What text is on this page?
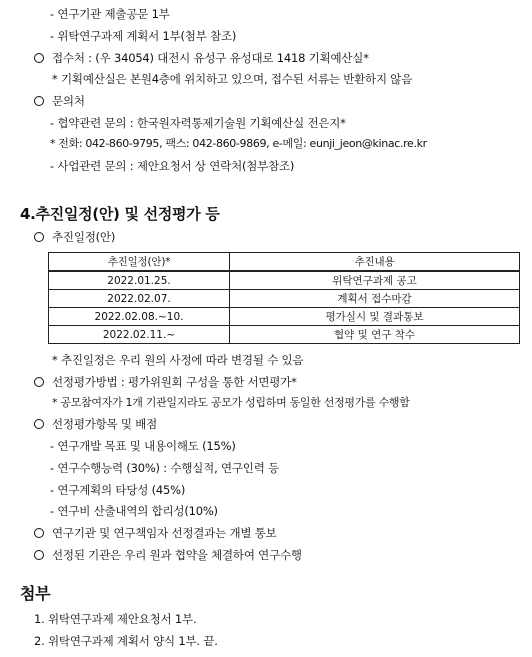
- 연구기관 제출공문 1부
- 위탁연구과제 계획서 1부(첨부 참조)
접수처 : (우 34054) 대전시 유성구 유성대로 1418 기획예산실*
* 기획예산실은 본원4층에 위치하고 있으며, 접수된 서류는 반환하지 않음
문의처
- 협약관련 문의 : 한국원자력통제기술원 기획예산실 전은지*
* 전화: 042-860-9795, 팩스: 042-860-9869, e-메일: eunji_jeon@kinac.re.kr
- 사업관련 문의 : 제안요청서 상 연락처(첨부참조)
4.추진일정(안) 및 선정평가 등
추진일정(안)
추진일정(안)*	추진내용
2022.01.25.	위탁연구과제 공고
2022.02.07.	계획서 접수마감
2022.02.08.~10.	평가실시 및 결과통보
2022.02.11.~	협약 및 연구 착수
* 추진일정은 우리 원의 사정에 따라 변경될 수 있음
선정평가방법 : 평가위원회 구성을 통한 서면평가*
* 공모참여자가 1개 기관일지라도 공모가 성립하며 동일한 선정평가를 수행함
선정평가항목 및 배점
- 연구개발 목표 및 내용이해도 (15%)
- 연구수행능력 (30%) : 수행실적, 연구인력 등
- 연구계획의 타당성 (45%)
- 연구비 산출내역의 합리성(10%)
연구기관 및 연구책임자 선정결과는 개별 통보
선정된 기관은 우리 원과 협약을 체결하여 연구수행
첨부
1. 위탁연구과제 제안요청서 1부.
2. 위탁연구과제 계획서 양식 1부. 끝.
